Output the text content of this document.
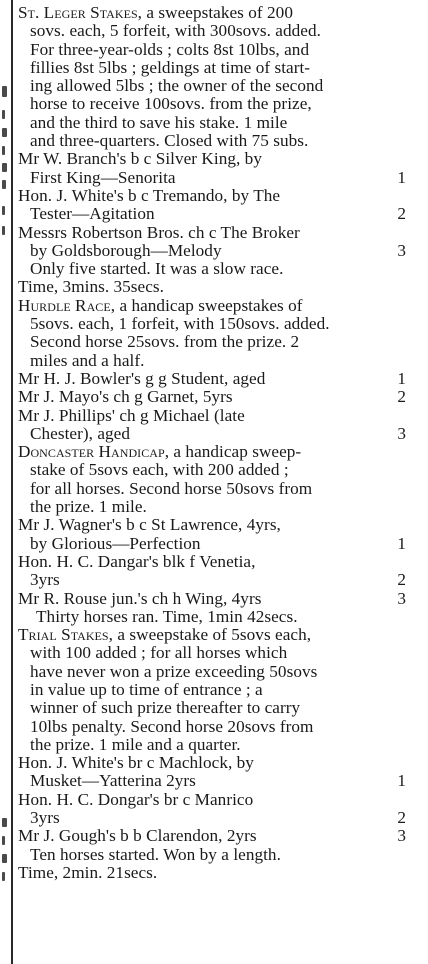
St. Leger Stakes, a sweepstakes of 200
sovs. each, 5 forfeit, with 300sovs. added.
For three-year-olds ; colts 8st 10lbs, and
fillies 8st 5lbs ; geldings at time of start-
ing allowed 5lbs ; the owner of the second
horse to receive 100sovs. from the prize,
and the third to save his stake. 1 mile
and three-quarters. Closed with 75 subs.
Mr W. Branch's b c Silver King, by
First King—Senorita	1
Hon. J. White's b c Tremando, by The
Tester—Agitation	2
Messrs Robertson Bros. ch c The Broker
by Goldsborough—Melody	3
Only five started. It was a slow race.
Time, 3mins. 35secs.
Hurdle Race, a handicap sweepstakes of
5sovs. each, 1 forfeit, with 150sovs. added.
Second horse 25sovs. from the prize. 2
miles and a half.
Mr H. J. Bowler's g g Student, aged	1
Mr J. Mayo's ch g Garnet, 5yrs	2
Mr J. Phillips' ch g Michael (late
Chester), aged	3
Doncaster Handicap, a handicap sweep-
stake of 5sovs each, with 200 added ;
for all horses. Second horse 50sovs from
the prize. 1 mile.
Mr J. Wagner's b c St Lawrence, 4yrs,
by Glorious—Perfection	1
Hon. H. C. Dangar's blk f Venetia,
3yrs	2
Mr R. Rouse jun.'s ch h Wing, 4yrs	3
Thirty horses ran. Time, 1min 42secs.
Trial Stakes, a sweepstake of 5sovs each,
with 100 added ; for all horses which
have never won a prize exceeding 50sovs
in value up to time of entrance ; a
winner of such prize thereafter to carry
10lbs penalty. Second horse 20sovs from
the prize. 1 mile and a quarter.
Hon. J. White's br c Machlock, by
Musket—Yatterina 2yrs	1
Hon. H. C. Dongar's br c Manrico
3yrs	2
Mr J. Gough's b b Clarendon, 2yrs	3
Ten horses started. Won by a length.
Time, 2min. 21secs.
